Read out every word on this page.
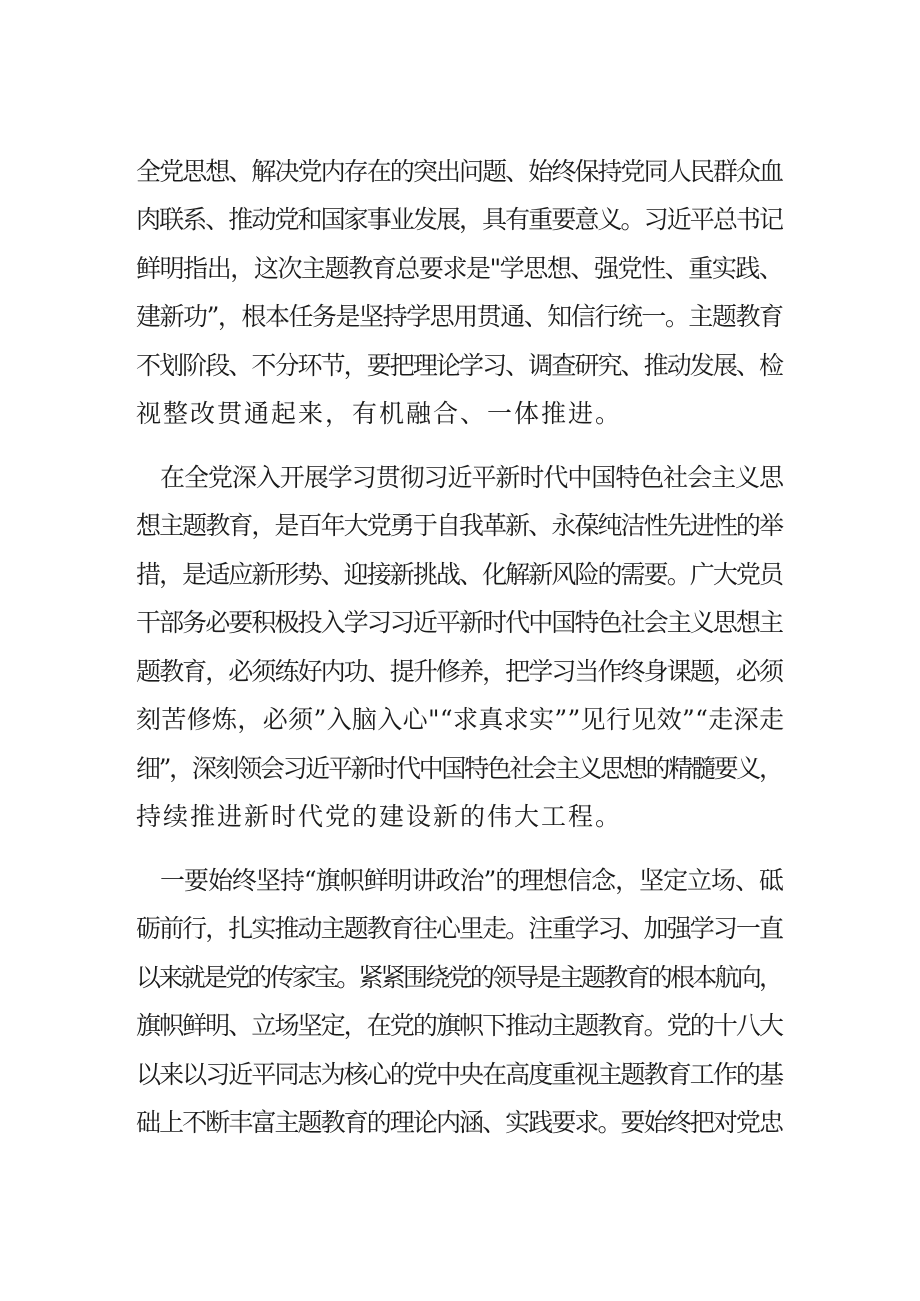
全党思想、解决党内存在的突出问题、始终保持党同人民群众血
肉联系、推动党和国家事业发展，具有重要意义。习近平总书记
鲜明指出，这次主题教育总要求是"学思想、强党性、重实践、
建新功”，根本任务是坚持学思用贯通、知信行统一。主题教育
不划阶段、不分环节，要把理论学习、调查研究、推动发展、检
视整改贯通起来，有机融合、一体推进。
在全党深入开展学习贯彻习近平新时代中国特色社会主义思
想主题教育，是百年大党勇于自我革新、永葆纯洁性先进性的举
措，是适应新形势、迎接新挑战、化解新风险的需要。广大党员
干部务必要积极投入学习习近平新时代中国特色社会主义思想主
题教育，必须练好内功、提升修养，把学习当作终身课题，必须
刻苦修炼，必须”入脑入心"“求真求实””见行见效”“走深走
细”，深刻领会习近平新时代中国特色社会主义思想的精髓要义，
持续推进新时代党的建设新的伟大工程。
一要始终坚持“旗帜鲜明讲政治”的理想信念，坚定立场、砥
砺前行，扎实推动主题教育往心里走。注重学习、加强学习一直
以来就是党的传家宝。紧紧围绕党的领导是主题教育的根本航向，
旗帜鲜明、立场坚定，在党的旗帜下推动主题教育。党的十八大
以来以习近平同志为核心的党中央在高度重视主题教育工作的基
础上不断丰富主题教育的理论内涵、实践要求。要始终把对党忠
